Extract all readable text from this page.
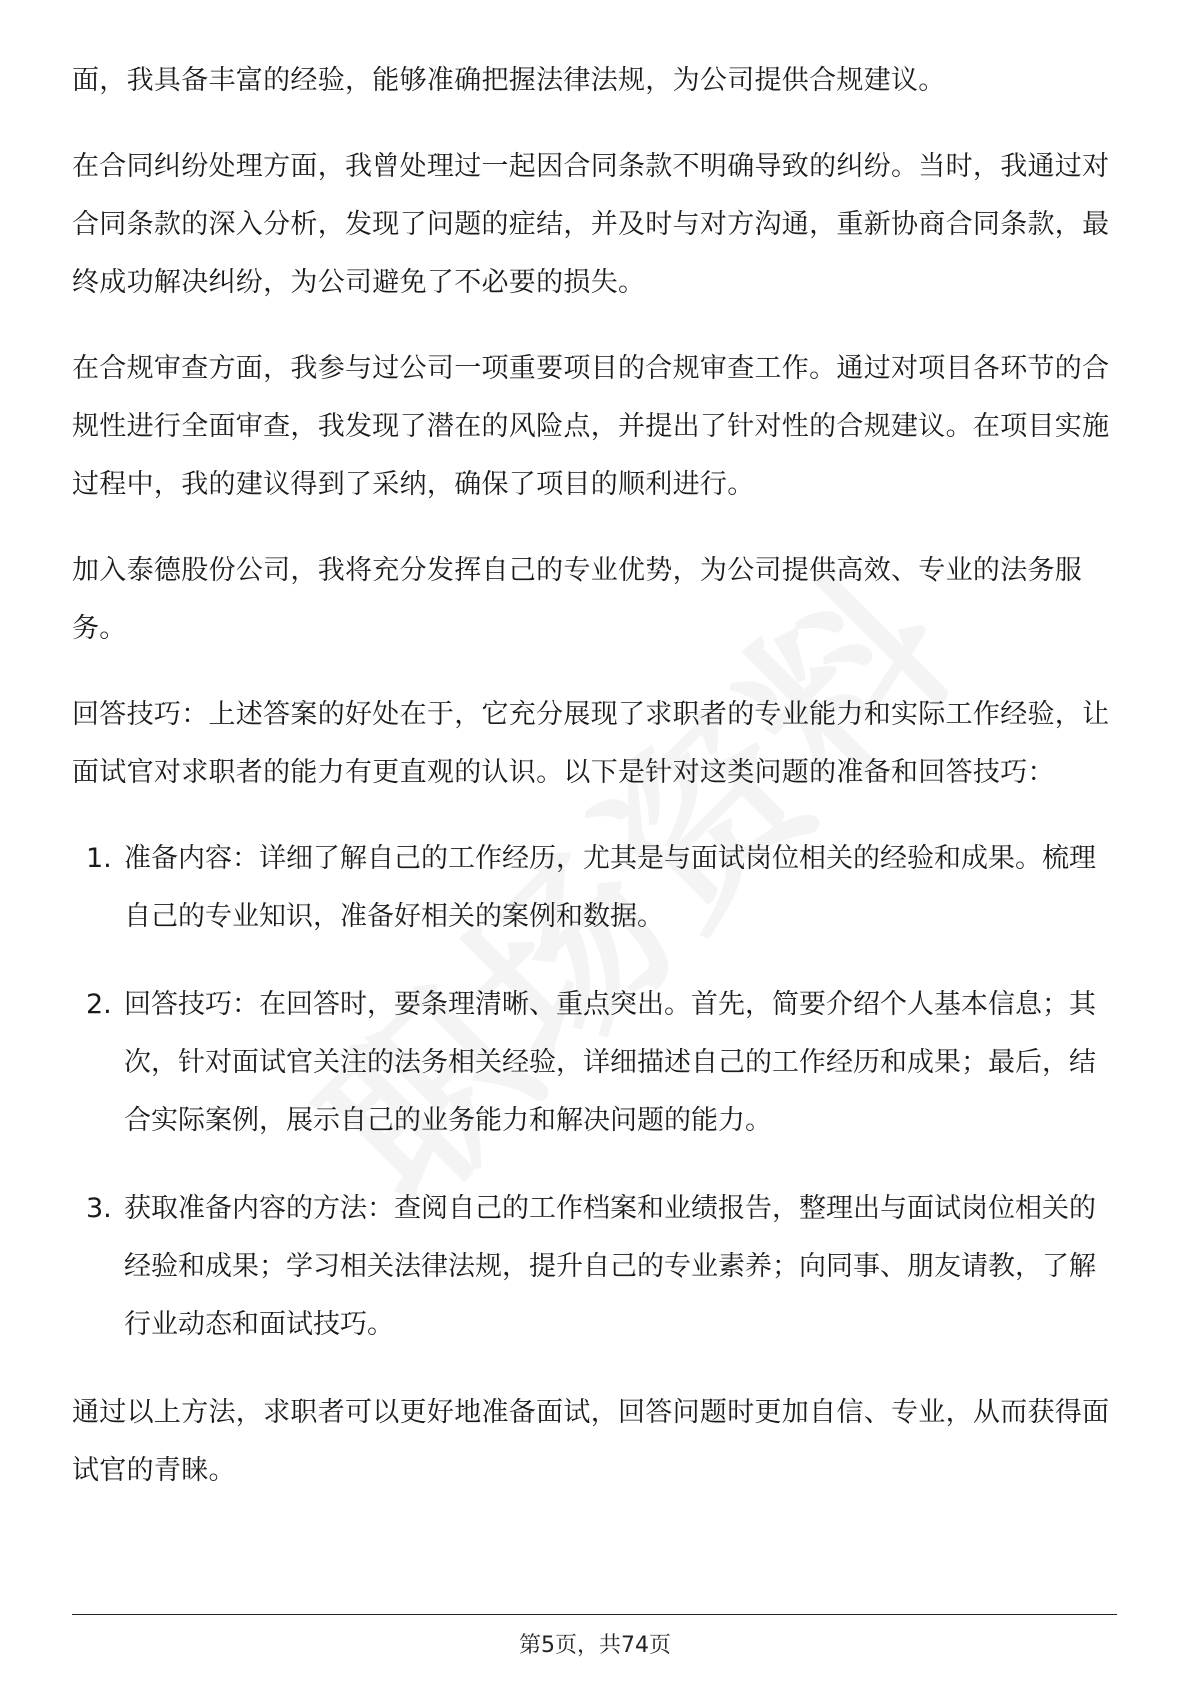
面，我具备丰富的经验，能够准确把握法律法规，为公司提供合规建议。

在合同纠纷处理方面，我曾处理过一起因合同条款不明确导致的纠纷。当时，我通过对合同条款的深入分析，发现了问题的症结，并及时与对方沟通，重新协商合同条款，最终成功解决纠纷，为公司避免了不必要的损失。

在合规审查方面，我参与过公司一项重要项目的合规审查工作。通过对项目各环节的合规性进行全面审查，我发现了潜在的风险点，并提出了针对性的合规建议。在项目实施过程中，我的建议得到了采纳，确保了项目的顺利进行。

加入泰德股份公司，我将充分发挥自己的专业优势，为公司提供高效、专业的法务服务。

回答技巧：上述答案的好处在于，它充分展现了求职者的专业能力和实际工作经验，让面试官对求职者的能力有更直观的认识。以下是针对这类问题的准备和回答技巧：

1. 准备内容：详细了解自己的工作经历，尤其是与面试岗位相关的经验和成果。梳理自己的专业知识，准备好相关的案例和数据。
2. 回答技巧：在回答时，要条理清晰、重点突出。首先，简要介绍个人基本信息；其次，针对面试官关注的法务相关经验，详细描述自己的工作经历和成果；最后，结合实际案例，展示自己的业务能力和解决问题的能力。
3. 获取准备内容的方法：查阅自己的工作档案和业绩报告，整理出与面试岗位相关的经验和成果；学习相关法律法规，提升自己的专业素养；向同事、朋友请教，了解行业动态和面试技巧。

通过以上方法，求职者可以更好地准备面试，回答问题时更加自信、专业，从而获得面试官的青睐。

第5页，共74页
